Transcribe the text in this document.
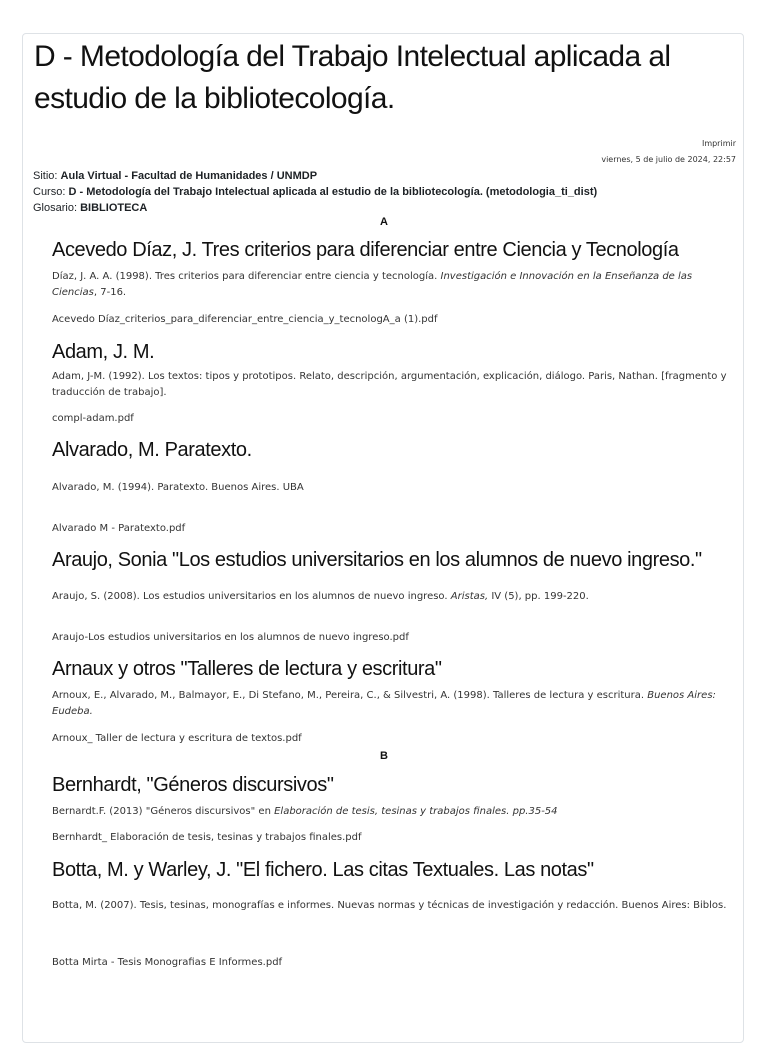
D - Metodología del Trabajo Intelectual aplicada al estudio de la bibliotecología.
Imprimir
viernes, 5 de julio de 2024, 22:57
Sitio: Aula Virtual - Facultad de Humanidades / UNMDP
Curso: D - Metodología del Trabajo Intelectual aplicada al estudio de la bibliotecología. (metodologia_ti_dist)
Glosario: BIBLIOTECA
A
Acevedo Díaz, J. Tres criterios para diferenciar entre Ciencia y Tecnología

Díaz, J. A. A. (1998). Tres criterios para diferenciar entre ciencia y tecnología. Investigación e Innovación en la Enseñanza de las Ciencias, 7-16.

Acevedo Díaz_criterios_para_diferenciar_entre_ciencia_y_tecnologA_a (1).pdf
Adam, J. M.

Adam, J-M. (1992). Los textos: tipos y prototipos. Relato, descripción, argumentación, explicación, diálogo. Paris, Nathan. [fragmento y traducción de trabajo].

compl-adam.pdf
Alvarado, M. Paratexto.

Alvarado, M. (1994). Paratexto. Buenos Aires. UBA

Alvarado M - Paratexto.pdf
Araujo, Sonia "Los estudios universitarios en los alumnos de nuevo ingreso."

Araujo, S. (2008). Los estudios universitarios en los alumnos de nuevo ingreso. Aristas, IV (5), pp. 199-220.

Araujo-Los estudios universitarios en los alumnos de nuevo ingreso.pdf
Arnaux y otros "Talleres de lectura y escritura"

Arnoux, E., Alvarado, M., Balmayor, E., Di Stefano, M., Pereira, C., & Silvestri, A. (1998). Talleres de lectura y escritura. Buenos Aires: Eudeba.

Arnoux_ Taller de lectura y escritura de textos.pdf
B
Bernhardt, "Géneros discursivos"

Bernardt.F. (2013) "Géneros discursivos" en Elaboración de tesis, tesinas y trabajos finales. pp.35-54

Bernhardt_ Elaboración de tesis, tesinas y trabajos finales.pdf
Botta, M. y Warley, J. "El fichero. Las citas Textuales. Las notas"

Botta, M. (2007). Tesis, tesinas, monografías e informes. Nuevas normas y técnicas de investigación y redacción. Buenos Aires: Biblos.

Botta Mirta - Tesis Monografias E Informes.pdf
